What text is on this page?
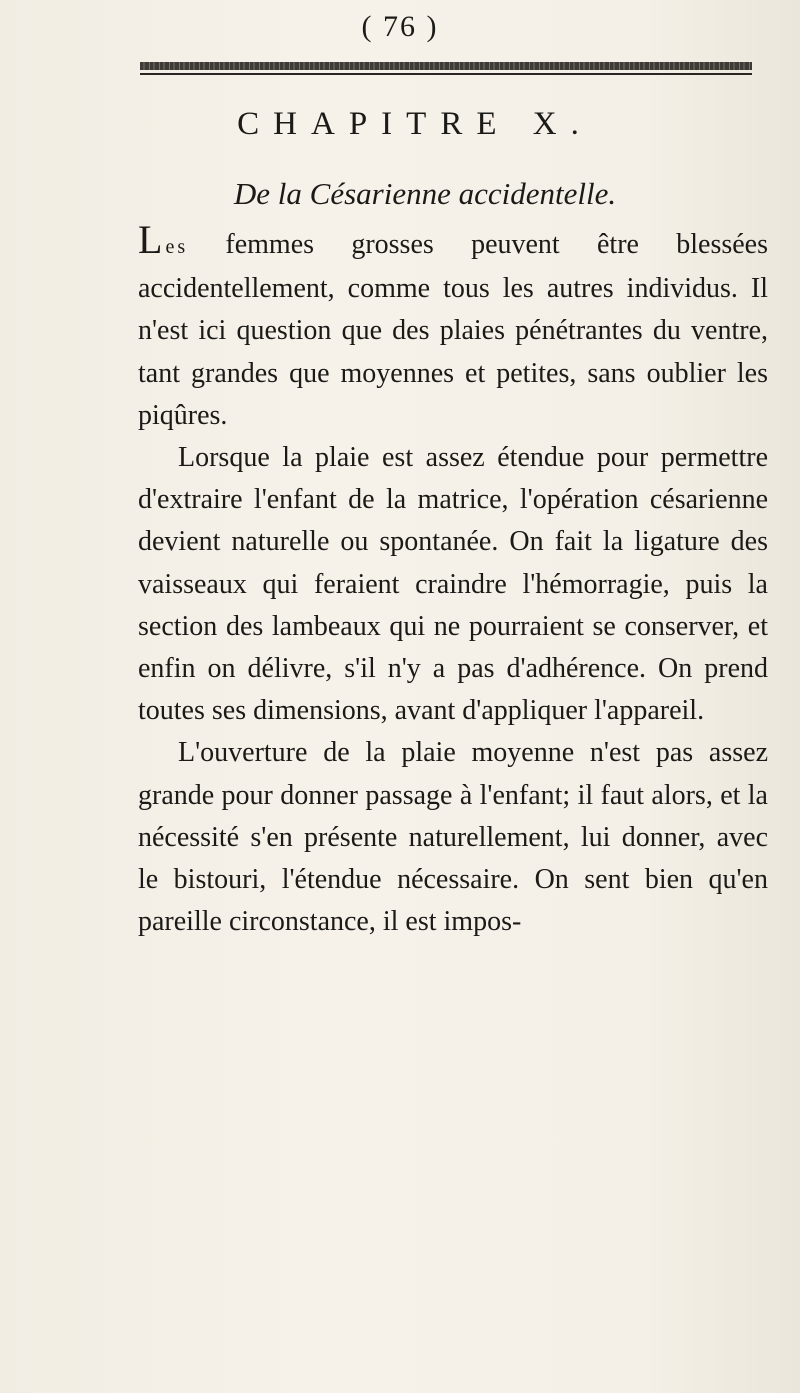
( 76 )
CHAPITRE X.
De la Césarienne accidentelle.

Les femmes grosses peuvent être blessées accidentellement, comme tous les autres individus. Il n'est ici question que des plaies pénétrantes du ventre, tant grandes que moyennes et petites, sans oublier les piqûres.

Lorsque la plaie est assez étendue pour permettre d'extraire l'enfant de la matrice, l'opération césarienne devient naturelle ou spontanée. On fait la ligature des vaisseaux qui feraient craindre l'hémorragie, puis la section des lambeaux qui ne pourraient se conserver, et enfin on délivre, s'il n'y a pas d'adhérence. On prend toutes ses dimensions, avant d'appliquer l'appareil.

L'ouverture de la plaie moyenne n'est pas assez grande pour donner passage à l'enfant; il faut alors, et la nécessité s'en présente naturellement, lui donner, avec le bistouri, l'étendue nécessaire. On sent bien qu'en pareille circonstance, il est impos-
